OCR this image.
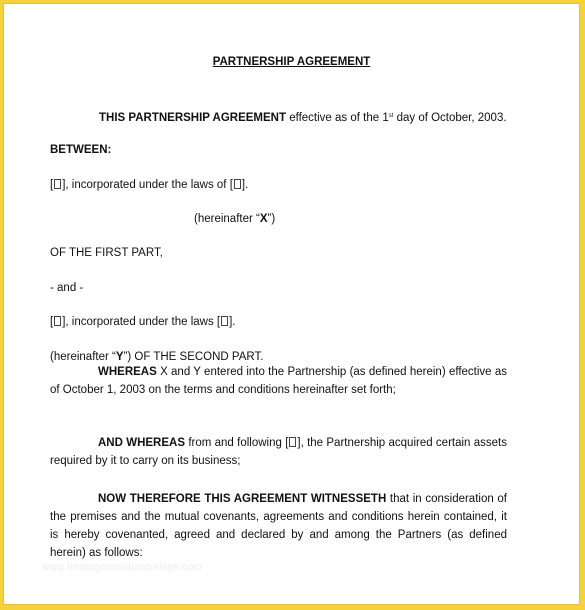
PARTNERSHIP AGREEMENT
THIS PARTNERSHIP AGREEMENT effective as of the 1st day of October, 2003.
BETWEEN:
[ ], incorporated under the laws of [ ].
(hereinafter “X”)
OF THE FIRST PART,
- and -
[ ], incorporated under the laws [ ].
(hereinafter “Y”) OF THE SECOND PART.
WHEREAS X and Y entered into the Partnership (as defined herein) effective as of October 1, 2003 on the terms and conditions hereinafter set forth;
AND WHEREAS from and following [ ], the Partnership acquired certain assets required by it to carry on its business;
NOW THEREFORE THIS AGREEMENT WITNESSETH that in consideration of the premises and the mutual covenants, agreements and conditions herein contained, it is hereby covenanted, agreed and declared by and among the Partners (as defined herein) as follows:
www.heritagechristiancollege.com
